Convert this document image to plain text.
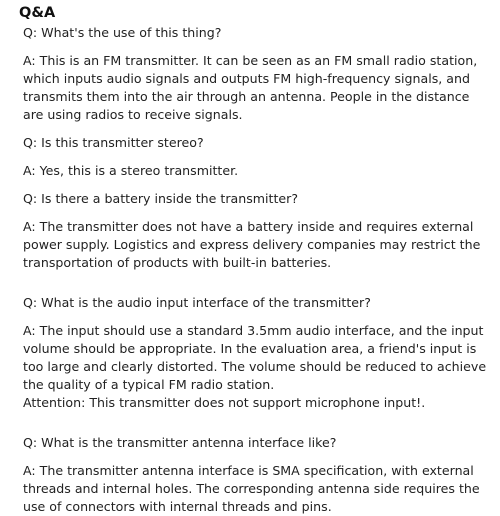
Q&A

Q: What's the use of this thing?

A: This is an FM transmitter. It can be seen as an FM small radio station, which inputs audio signals and outputs FM high-frequency signals, and transmits them into the air through an antenna. People in the distance are using radios to receive signals.

Q: Is this transmitter stereo?

A: Yes, this is a stereo transmitter.

Q: Is there a battery inside the transmitter?

A: The transmitter does not have a battery inside and requires external power supply. Logistics and express delivery companies may restrict the transportation of products with built-in batteries.

Q: What is the audio input interface of the transmitter?

A: The input should use a standard 3.5mm audio interface, and the input volume should be appropriate. In the evaluation area, a friend's input is too large and clearly distorted. The volume should be reduced to achieve the quality of a typical FM radio station.

Attention: This transmitter does not support microphone input!.

Q: What is the transmitter antenna interface like?

A: The transmitter antenna interface is SMA specification, with external threads and internal holes. The corresponding antenna side requires the use of connectors with internal threads and pins.
